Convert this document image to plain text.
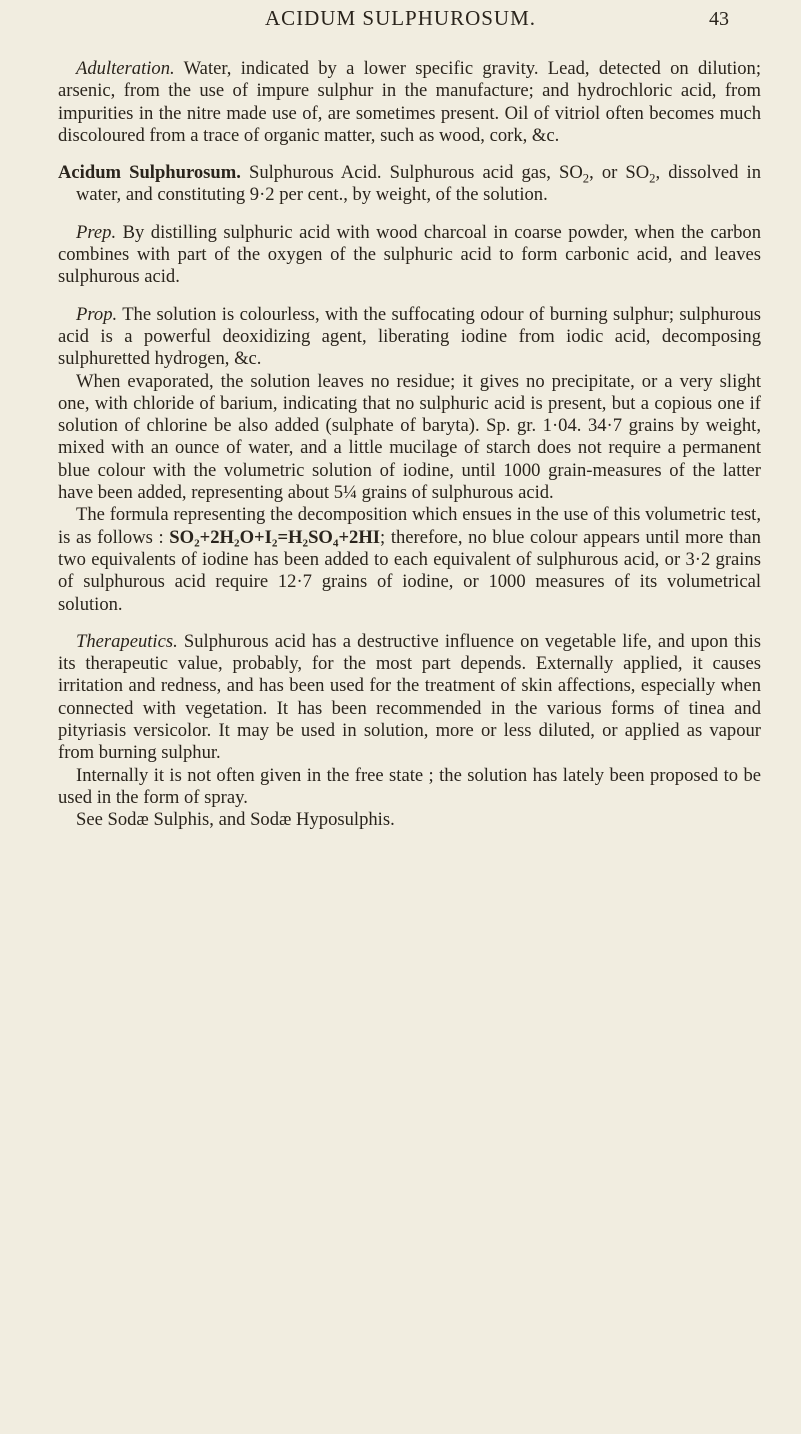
ACIDUM SULPHUROSUM.	43

Adulteration. Water, indicated by a lower specific gravity. Lead, detected on dilution; arsenic, from the use of impure sulphur in the manufacture; and hydrochloric acid, from impurities in the nitre made use of, are sometimes present. Oil of vitriol often becomes much discoloured from a trace of organic matter, such as wood, cork, &c.

Acidum Sulphurosum. Sulphurous Acid. Sulphurous acid gas, $SO_2$, or $SO_2$, dissolved in water, and constituting 9·2 per cent., by weight, of the solution.

Prep. By distilling sulphuric acid with wood charcoal in coarse powder, when the carbon combines with part of the oxygen of the sulphuric acid to form carbonic acid, and leaves sulphurous acid.

Prop. The solution is colourless, with the suffocating odour of burning sulphur; sulphurous acid is a powerful deoxidizing agent, liberating iodine from iodic acid, decomposing sulphuretted hydrogen, &c.

When evaporated, the solution leaves no residue; it gives no precipitate, or a very slight one, with chloride of barium, indicating that no sulphuric acid is present, but a copious one if solution of chlorine be also added (sulphate of baryta). Sp. gr. 1·04. 34·7 grains by weight, mixed with an ounce of water, and a little mucilage of starch does not require a permanent blue colour with the volumetric solution of iodine, until 1000 grain-measures of the latter have been added, representing about 5¼ grains of sulphurous acid.

The formula representing the decomposition which ensues in the use of this volumetric test, is as follows : SO₂+2H₂O+I₂=H₂SO₄+2HI; therefore, no blue colour appears until more than two equivalents of iodine has been added to each equivalent of sulphurous acid, or 3·2 grains of sulphurous acid require 12·7 grains of iodine, or 1000 measures of its volumetrical solution.

Therapeutics. Sulphurous acid has a destructive influence on vegetable life, and upon this its therapeutic value, probably, for the most part depends. Externally applied, it causes irritation and redness, and has been used for the treatment of skin affections, especially when connected with vegetation. It has been recommended in the various forms of tinea and pityriasis versicolor. It may be used in solution, more or less diluted, or applied as vapour from burning sulphur.

Internally it is not often given in the free state ; the solution has lately been proposed to be used in the form of spray.

See Sodæ Sulphis, and Sodæ Hyposulphis.
